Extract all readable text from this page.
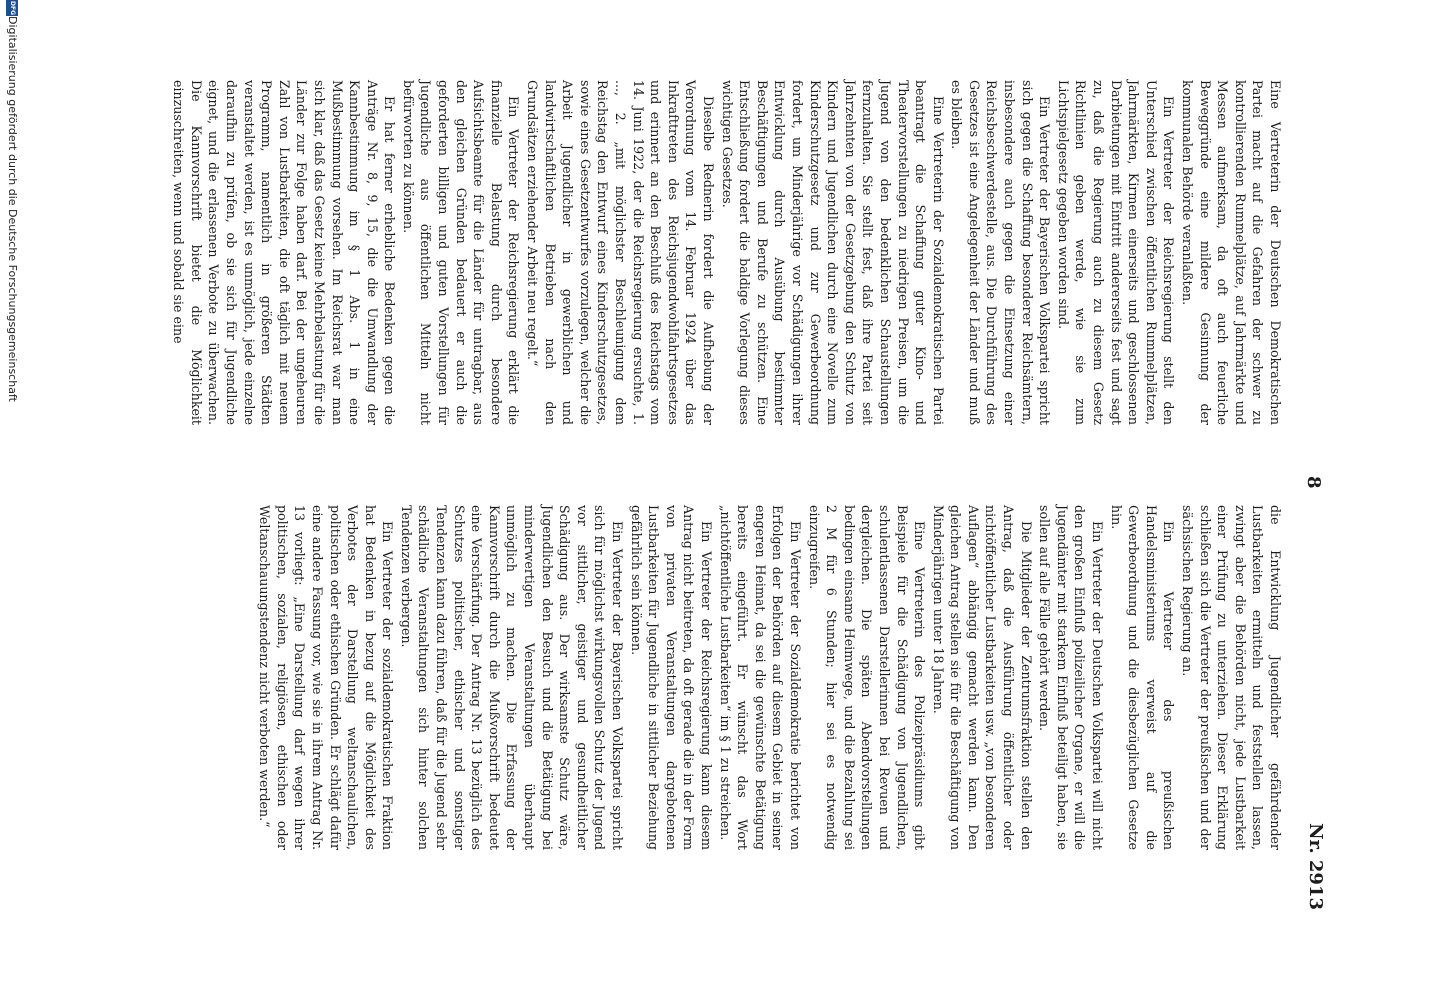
8
Nr. 2913

Eine Vertreterin der Deutschen Demokratischen Partei macht auf die Gefahren der schwer zu kontrollierenden Rummelplätze, auf Jahrmärkte und Messen aufmerksam, da oft auch feuerliche Beweggründe eine mildere Gesinnung der kommunalen Behörde veranlaßten.

Ein Vertreter der Reichsregierung stellt den Unterschied zwischen öffentlichen Rummelplätzen, Jahrmärkten, Kirmen einerseits und geschlossenen Darbietungen mit Eintritt andererseits fest und sagt zu, daß die Regierung auch zu diesem Gesetz Richtlinien geben werde, wie sie zum Lichtspielgesetz gegeben worden sind.

Ein Vertreter der Bayerischen Volkspartei spricht sich gegen die Schaffung besonderer Reichsämtern, insbesondere auch gegen die Einsetzung einer Reichsbeschwerdestelle, aus. Die Durchführung des Gesetzes ist eine Angelegenheit der Länder und muß es bleiben.

Eine Vertreterin der Sozialdemokratischen Partei beantragt die Schaffung guter Kino- und Theatervorstellungen zu niedrigen Preisen, um die Jugend von den bedenklichen Schaustellungen fernzuhalten. Sie stellt fest, daß ihre Partei seit Jahrzehnten von der Gesetzgebung den Schutz von Kindern und Jugendlichen durch eine Novelle zum Kinderschutzgesetz und zur Gewerbeordnung fordert, um Minderjährige vor Schädigungen ihrer Entwicklung durch Ausübung bestimmter Beschäftigungen und Berufe zu schützen. Eine Entschließung fordert die baldige Vorlegung dieses wichtigen Gesetzes.

Dieselbe Rednerin fordert die Aufhebung der Verordnung vom 14. Februar 1924 über das Inkrafttreten des Reichsjugendwohlfahrtsgesetzes und erinnert an den Beschluß des Reichstags vom 14. Juni 1922, der die Reichsregierung ersuchte, 1. ..., 2. „mit möglichster Beschleunigung dem Reichstag den Entwurf eines Kinderschutzgesetzes, sowie eines Gesetzentwurfes vorzulegen, welcher die Arbeit Jugendlicher in gewerblichen und landwirtschaftlichen Betrieben nach den Grundsätzen erziehender Arbeit neu regelt.“

Ein Vertreter der Reichsregierung erklärt die finanzielle Belastung durch besondere Aufsichtsbeamte für die Länder für untragbar, aus den gleichen Gründen bedauert er auch die geforderten billigen und guten Vorstellungen für Jugendliche aus öffentlichen Mitteln nicht befürworten zu können.

Er hat ferner erhebliche Bedenken gegen die Anträge Nr. 8, 9, 15, die die Umwandlung der Kannbestimmung im § 1 Abs. 1 in eine Mußbestimmung vorsehen. Im Reichsrat war man sich klar, daß das Gesetz keine Mehrbelastung für die Länder zur Folge haben darf. Bei der ungeheuren Zahl von Lustbarkeiten, die oft täglich mit neuem Programm, namentlich in größeren Städten veranstaltet werden, ist es unmöglich, jede einzelne daraufhin zu prüfen, ob sie sich für Jugendliche eignet, und die erlassenen Verbote zu überwachen. Die Kannvorschrift bietet die Möglichkeit einzuschreiten, wenn und sobald sie eine

die Entwicklung Jugendlicher gefährdender Lustbarkeiten ermitteln und feststellen lassen, zwingt aber die Behörden nicht, jede Lustbarkeit einer Prüfung zu unterziehen. Dieser Erklärung schließen sich die Vertreter der preußischen und der sächsischen Regierung an.

Ein Vertreter des preußischen Handelsministeriums verweist auf die Gewerbeordnung und die diesbezüglichen Gesetze hin.

Ein Vertreter der Deutschen Volkspartei will nicht den großen Einfluß polizeilicher Organe, er will die Jugendämter mit starkem Einfluß beteiligt haben, sie sollen auf alle Fälle gehört werden.

Die Mitglieder der Zentrumsfraktion stellen den Antrag, daß die Ausführung öffentlicher oder nichtöffentlicher Lustbarkeiten usw. „von besonderen Auflagen“ abhängig gemacht werden kann. Den gleichen Antrag stellen sie für die Beschäftigung von Minderjährigen unter 18 Jahren.

Eine Vertreterin des Polizeipräsidiums gibt Beispiele für die Schädigung von Jugendlichen, schulentlassenen Darstellerinnen bei Revuen und dergleichen. Die späten Abendvorstellungen bedingen einsame Heimwege, und die Bezahlung sei 2 M für 6 Stunden; hier sei es notwendig einzugreifen.

Ein Vertreter der Sozialdemokratie berichtet von Erfolgen der Behörden auf diesem Gebiet in seiner engeren Heimat, da sei die gewünschte Betätigung bereits eingeführt. Er wünscht das Wort „nichtöffentliche Lustbarkeiten“ im § 1 zu streichen.

Ein Vertreter der Reichsregierung kann diesem Antrag nicht beitreten, da oft gerade die in der Form von privaten Veranstaltungen dargebotenen Lustbarkeiten für Jugendliche in sittlicher Beziehung gefährlich sein können.

Ein Vertreter der Bayerischen Volkspartei spricht sich für möglichst wirkungsvollen Schutz der Jugend vor sittlicher, geistiger und gesundheitlicher Schädigung aus. Der wirksamste Schutz wäre, Jugendlichen den Besuch und die Betätigung bei minderwertigen Veranstaltungen überhaupt unmöglich zu machen. Die Erfassung der Kannvorschrift durch die Mußvorschrift bedeutet eine Verschärfung. Der Antrag Nr. 13 bezüglich des Schutzes politischer, ethischer und sonstiger Tendenzen kann dazu führen, daß für die Jugend sehr schädliche Veranstaltungen sich hinter solchen Tendenzen verbergen.

Ein Vertreter der sozialdemokratischen Fraktion hat Bedenken in bezug auf die Möglichkeit des Verbotes der Darstellung weltanschaulichen, politischen oder ethischen Gründen. Er schlägt dafür eine andere Fassung vor, wie sie in ihrem Antrag Nr. 13 vorliegt: „Eine Darstellung darf wegen ihrer politischen, sozialen, religiösen, ethischen oder Weltanschauungstendenz nicht verboten werden.“

DFG
Digitalisierung gefördert durch die Deutsche Forschungsgemeinschaft
